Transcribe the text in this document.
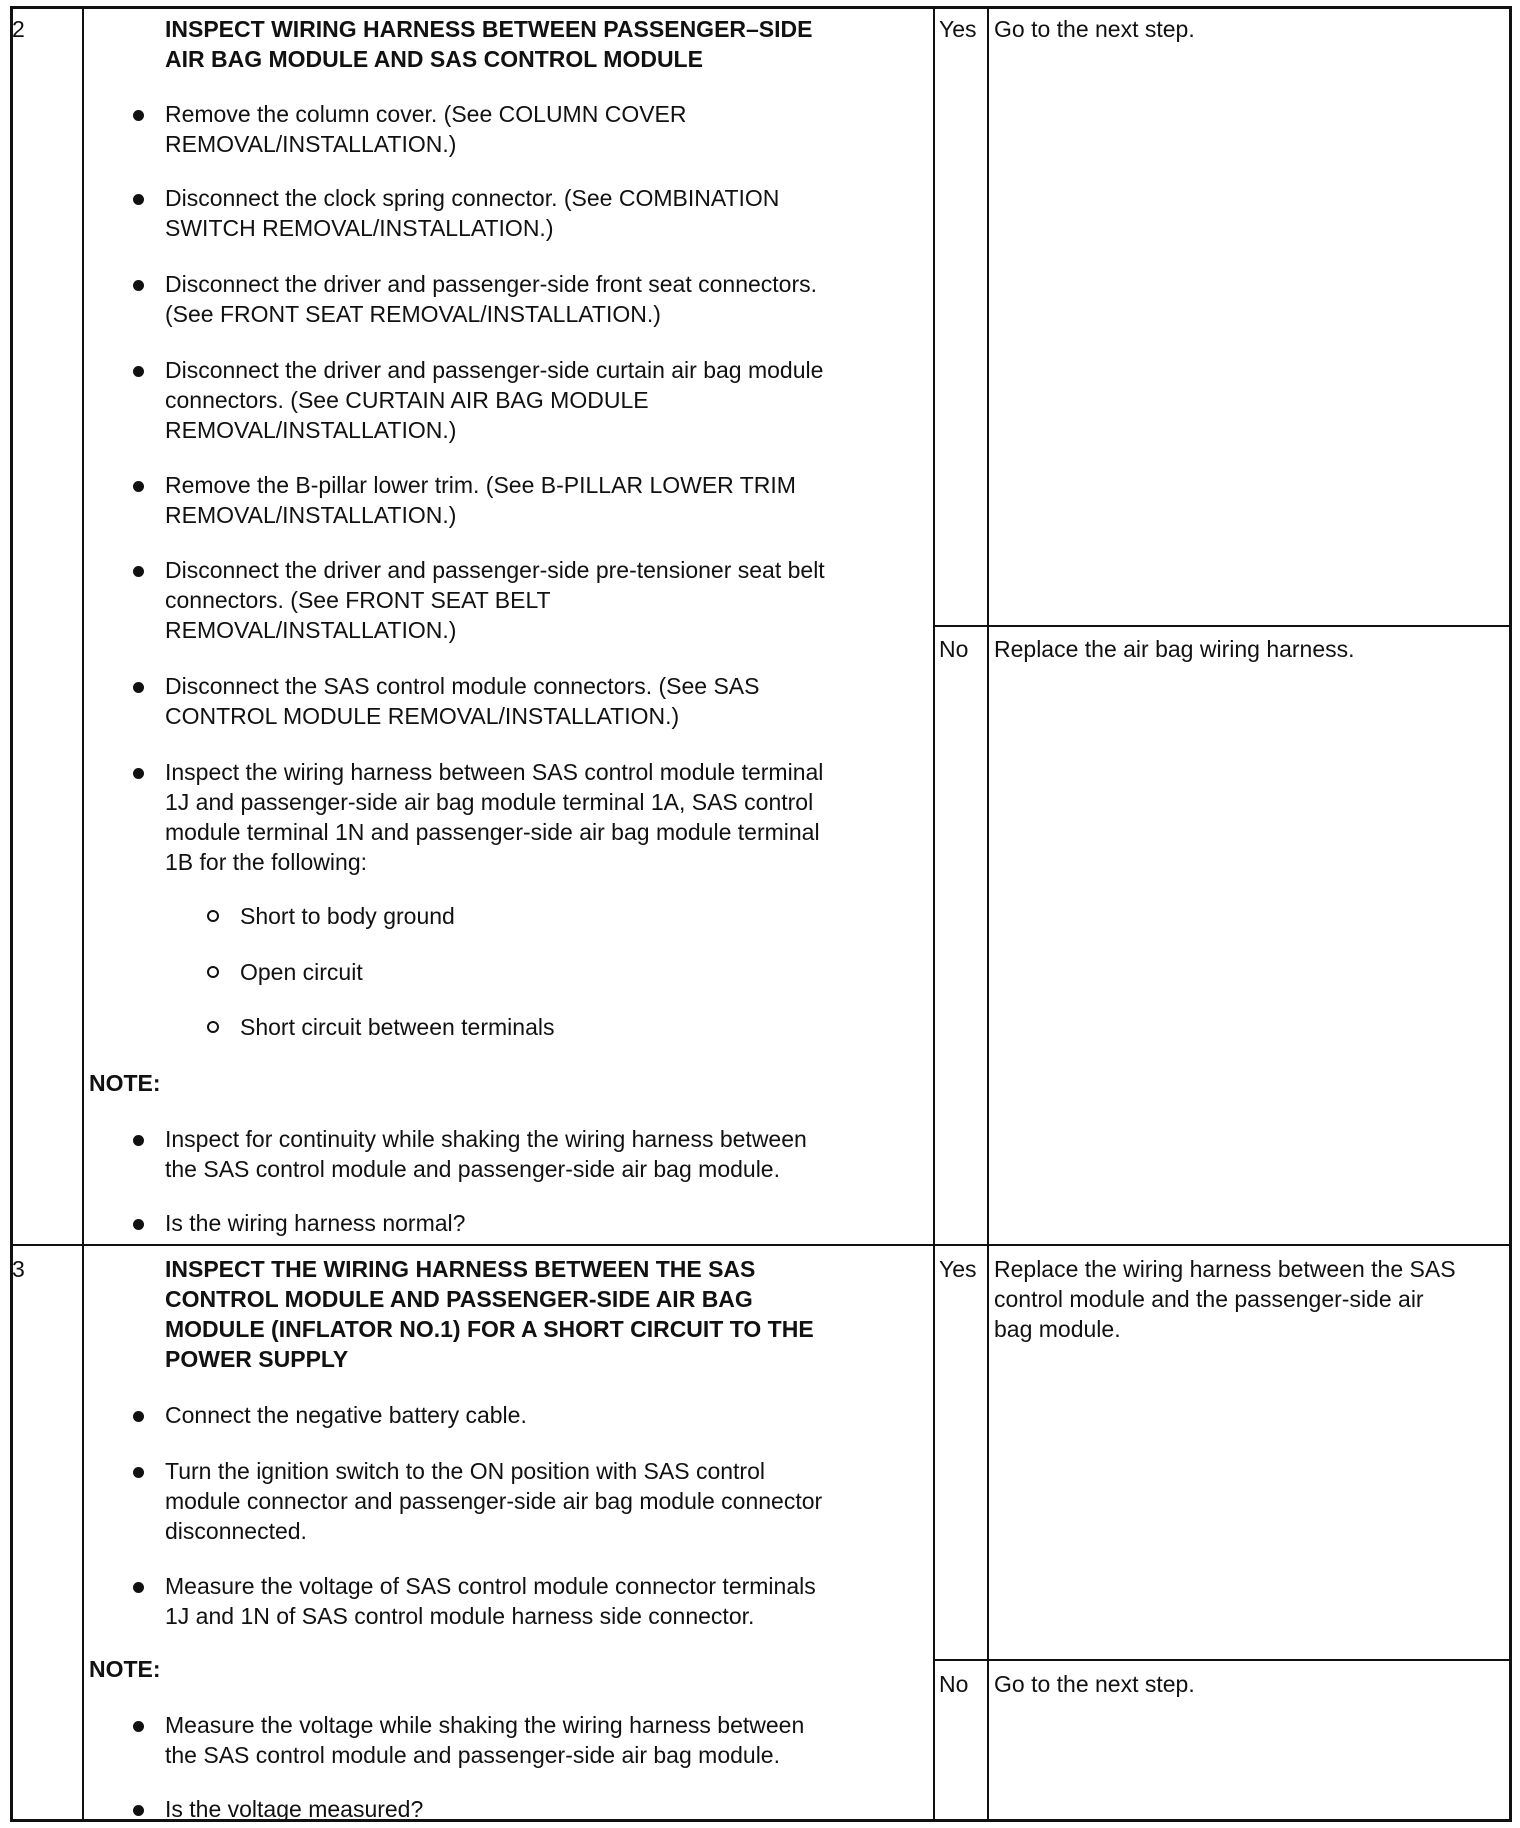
2	INSPECT WIRING HARNESS BETWEEN PASSENGER–SIDE
AIR BAG MODULE AND SAS CONTROL MODULE
Remove the column cover. (See COLUMN COVER
REMOVAL/INSTALLATION.)
Disconnect the clock spring connector. (See COMBINATION
SWITCH REMOVAL/INSTALLATION.)
Disconnect the driver and passenger-side front seat connectors.
(See FRONT SEAT REMOVAL/INSTALLATION.)
Disconnect the driver and passenger-side curtain air bag module
connectors. (See CURTAIN AIR BAG MODULE
REMOVAL/INSTALLATION.)
Remove the B-pillar lower trim. (See B-PILLAR LOWER TRIM
REMOVAL/INSTALLATION.)
Disconnect the driver and passenger-side pre-tensioner seat belt
connectors. (See FRONT SEAT BELT
REMOVAL/INSTALLATION.)
Disconnect the SAS control module connectors. (See SAS
CONTROL MODULE REMOVAL/INSTALLATION.)
Inspect the wiring harness between SAS control module terminal
1J and passenger-side air bag module terminal 1A, SAS control
module terminal 1N and passenger-side air bag module terminal
1B for the following:
Short to body ground
Open circuit
Short circuit between terminals
NOTE:
Inspect for continuity while shaking the wiring harness between
the SAS control module and passenger-side air bag module.
Is the wiring harness normal?
Yes Go to the next step.
No Replace the air bag wiring harness.
3	INSPECT THE WIRING HARNESS BETWEEN THE SAS
CONTROL MODULE AND PASSENGER-SIDE AIR BAG
MODULE (INFLATOR NO.1) FOR A SHORT CIRCUIT TO THE
POWER SUPPLY
Connect the negative battery cable.
Turn the ignition switch to the ON position with SAS control
module connector and passenger-side air bag module connector
disconnected.
Measure the voltage of SAS control module connector terminals
1J and 1N of SAS control module harness side connector.
NOTE:
Measure the voltage while shaking the wiring harness between
the SAS control module and passenger-side air bag module.
Is the voltage measured?
Yes Replace the wiring harness between the SAS
control module and the passenger-side air
bag module.
No Go to the next step.
